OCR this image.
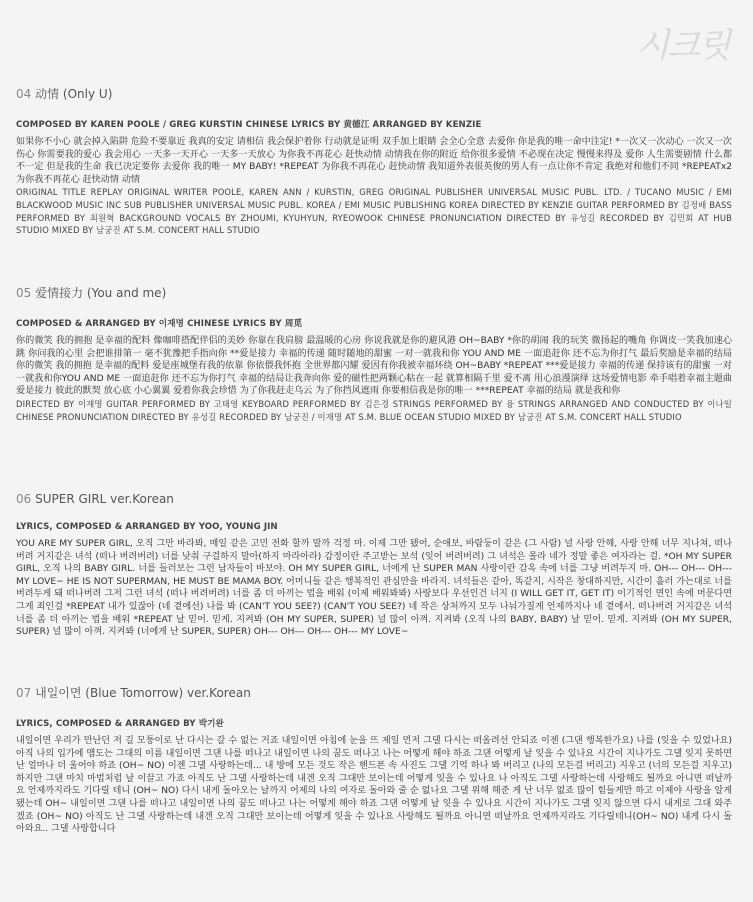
시크릿
04 动情 (Only U)
COMPOSED BY KAREN POOLE / GREG KURSTIN CHINESE LYRICS BY 黄德江 ARRANGED BY KENZIE

如果你不小心 就会掉入陷阱 危险不要靠近 我真的安定 请相信 我会保护着你 行动就是证明 双手加上眼睛 会全心全意 去爱你 你是我的唯一命中注定! *一次又一次动心 一次又一次伤心 你需要我的爱心 我会用心 一天多一天开心 一天多一天放心 为你我不再花心 赶快动情 动情我在你的附近 给你很多爱情 不必现在决定 慢慢来得及 爱你 人生需要剧情 什么都不一定 但是我的生命 我已决定要你 去爱你 我的唯一 MY BABY! *REPEAT 为你我不再花心 赶快动情 我知道外表很英俊的男人有一点让你不肯定 我绝对和他们不同 *REPEATx2 为你我不再花心 赶快动情 动情

ORIGINAL TITLE REPLAY ORIGINAL WRITER POOLE, KAREN ANN / KURSTIN, GREG ORIGINAL PUBLISHER UNIVERSAL MUSIC PUBL. LTD. / TUCANO MUSIC / EMI BLACKWOOD MUSIC INC SUB PUBLISHER UNIVERSAL MUSIC PUBL. KOREA / EMI MUSIC PUBLISHING KOREA DIRECTED BY KENZIE GUITAR PERFORMED BY 김정배 BASS PERFORMED BY 최원혁 BACKGROUND VOCALS BY ZHOUMI, KYUHYUN, RYEOWOOK CHINESE PRONUNCIATION DIRECTED BY 유성길 RECORDED BY 김민회 AT HUB STUDIO MIXED BY 남궁진 AT S.M. CONCERT HALL STUDIO

05 爱情接力 (You and me)
COMPOSED & ARRANGED BY 이재명 CHINESE LYRICS BY 周觅

你的微笑 我的拥抱 是幸福的配料 像咖啡搭配伴侣的美妙 你靠在我肩膀 最温暖的心房 你说我就是你的避风港 OH~BABY *你的胡闹 我的玩笑 微扬起的嘴角 你调皮一笑我加速心跳 你问我的心里 会把谁排第一 毫不犹豫把手指向你 **爱是接力 幸福的传递 随时随地的甜蜜 一对一就我和你 YOU AND ME 一面追赶你 还不忘为你打气 最后奖励是幸福的结局 你的微笑 我的拥抱 是幸福的配料 爱是座城堡有我的依靠 你依偎我怀抱 全世界都闪耀 爱因有你我被幸福环绕 OH~BABY *REPEAT ***爱是接力 幸福的传递 保持该有的甜蜜 一对一就我和你YOU AND ME 一面追赶你 还不忘为你打气 幸福的结局让我奔向你 爱的磁性把两颗心粘在一起 就算相隔千里 爱不离 用心浪漫演绎 这场爱情电影 牵手唱着幸福主题曲 爱是接力 彼此的默契 放心底 小心翼翼 爱着你我会珍惜 为了你我赶走乌云 为了你挡风遮雨 你要相信我是你的唯一 ***REPEAT 幸福的结局 就是我和你

DIRECTED BY 이재명 GUITAR PERFORMED BY 고태영 KEYBOARD PERFORMED BY 김은경 STRINGS PERFORMED BY 융 STRINGS ARRANGED AND CONDUCTED BY 이나일 CHINESE PRONUNCIATION DIRECTED BY 유성길 RECORDED BY 남궁진 / 이재명 AT S.M. BLUE OCEAN STUDIO MIXED BY 남궁진 AT S.M. CONCERT HALL STUDIO

06 SUPER GIRL ver.Korean
LYRICS, COMPOSED & ARRANGED BY YOO, YOUNG JIN

YOU ARE MY SUPER GIRL, 오직 그만 바라봐, 매일 같은 고민 전화 할까 말까 걱정 마. 이제 그만 됐어, 순애보, 바람둥이 같은 (그 사람) 널 사랑 안해, 사랑 안해 너무 지나쳐, 떠나버려 거지같은 녀석 (떠나 버려버려) 너를 낮춰 구걸하지 말아(하지 마라아라) 감정이란 주고받는 보석 (잊어 버려버려) 그 녀석은 몰라 네가 정말 좋은 여자라는 걸. *OH MY SUPER GIRL, 오직 나의 BABY GIRL. 너를 들러보는 그런 남자들이 바보야. OH MY SUPER GIRL, 너에게 난 SUPER MAN 사랑이란 감옥 속에 너를 그냥 버려두지 마. OH--- OH--- OH--- MY LOVE~ HE IS NOT SUPERMAN, HE MUST BE MAMA BOY. 어머니들 같은 행복적인 관심만을 바라지. 녀석들은 같아, 똑같지, 시작은 창대하지만, 시간이 흘러 가는대로 너를 버려두게 돼 떠나버려 그저 그런 녀석 (떠나 버려버려) 너를 좀 더 아끼는 법을 배워 (이제 배워봐봐) 사랑보다 우선인건 너지 (I WILL GET IT, GET IT) 이기적인 면인 속에 머문다면 그게 죄인걸 *REPEAT 내가 있잖아 (네 곁에선) 나를 봐 (CAN'T YOU SEE?) (CAN'T YOU SEE?) 네 작은 상처까지 모두 나눠가질게 언제까지나 네 곁에서. 떠나버려 거지같은 녀석 너를 좀 더 아끼는 법을 배워 *REPEAT 날 믿어. 믿게. 지켜봐 (OH MY SUPER, SUPER) 널 많이 아껴. 지켜봐 (오직 나의 BABY, BABY) 날 믿어. 믿게. 지켜봐 (OH MY SUPER, SUPER) 널 많이 아껴. 지켜봐 (너에게 난 SUPER, SUPER) OH--- OH--- OH--- OH--- MY LOVE~

07 내일이면 (Blue Tomorrow) ver.Korean
LYRICS, COMPOSED & ARRANGED BY 박기완

내일이면 우리가 만난던 저 길 모퉁이로 난 다시는 갈 수 없는 거죠 내일이면 아침에 눈을 뜨 제일 먼저 그댈 다시는 떠올려선 안되죠 이젠 (그댄 행복한가요) 나를 (잊을 수 있었나요) 아직 나의 입가에 맴도는 그대의 이름 내일이면 그댄 나를 떠나고 내일이면 나의 꿈도 떠나고 나는 어떻게 해야 하죠 그댄 어떻게 날 잊을 수 있나요 시간이 지나가도 그댈 잊지 못하면 난 얼마나 더 울어야 하죠 (OH~ NO) 이젠 그댈 사랑하는데... 내 방에 모든 것도 작은 핸드폰 속 사진도 그댈 기억 하나 봐 버리고 (나의 모든걸 버리고) 지우고 (너의 모든걸 지우고) 하지만 그댄 마치 마법처럼 날 이끌고 가죠 아직도 난 그댈 사랑하는데 내겐 오직 그대만 보이는데 어떻게 잊을 수 있나요 나 아직도 그댈 사랑하는데 사랑해도 될까요 아니면 떠날까요 언제까지라도 기다릴 테니 (OH~ NO) 다시 내게 돌아오는 날까지 어제의 나의 여자로 돌아와 줄 순 없나요 그댈 위해 해준 게 난 너무 없죠 많이 힘들게만 하고 이제야 사랑을 알게 됐는데 OH~ 내일이면 그댄 나를 떠나고 내일이면 나의 꿈도 떠나고 나는 어떻게 해야 하죠 그댄 어떻게 날 잊을 수 있나요 시간이 지나가도 그댈 잊지 않으면 다시 내게로 그대 와주겠죠 (OH~ NO) 아직도 난 그댈 사랑하는데 내겐 오직 그대만 보이는데 어떻게 잊을 수 있나요 사랑해도 될까요 아니면 떠날까요 언제까지라도 기다릴테니(OH~ NO) 내게 다시 돌아와요.. 그댈 사랑합니다
